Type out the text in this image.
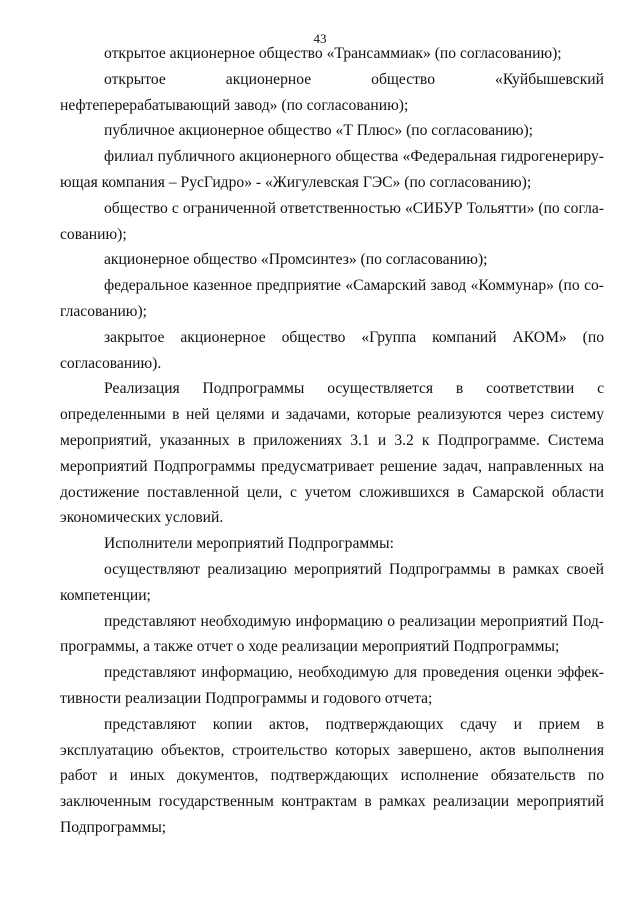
43

открытое акционерное общество «Трансаммиак» (по согласованию);

открытое акционерное общество «Куйбышевский нефтеперерабатывающий завод» (по согласованию);

публичное акционерное общество «Т Плюс» (по согласованию);

филиал публичного акционерного общества «Федеральная гидрогенерирующая компания – РусГидро» - «Жигулевская ГЭС» (по согласованию);

общество с ограниченной ответственностью «СИБУР Тольятти» (по согласованию);

акционерное общество «Промсинтез» (по согласованию);

федеральное казенное предприятие «Самарский завод «Коммунар» (по согласованию);

закрытое акционерное общество «Группа компаний АКОМ» (по согласованию).

Реализация Подпрограммы осуществляется в соответствии с определенными в ней целями и задачами, которые реализуются через систему мероприятий, указанных в приложениях 3.1 и 3.2 к Подпрограмме. Система мероприятий Подпрограммы предусматривает решение задач, направленных на достижение поставленной цели, с учетом сложившихся в Самарской области экономических условий.

Исполнители мероприятий Подпрограммы:

осуществляют реализацию мероприятий Подпрограммы в рамках своей компетенции;

представляют необходимую информацию о реализации мероприятий Подпрограммы, а также отчет о ходе реализации мероприятий Подпрограммы;

представляют информацию, необходимую для проведения оценки эффективности реализации Подпрограммы и годового отчета;

представляют копии актов, подтверждающих сдачу и прием в эксплуатацию объектов, строительство которых завершено, актов выполнения работ и иных документов, подтверждающих исполнение обязательств по заключенным государственным контрактам в рамках реализации мероприятий Подпрограммы;
